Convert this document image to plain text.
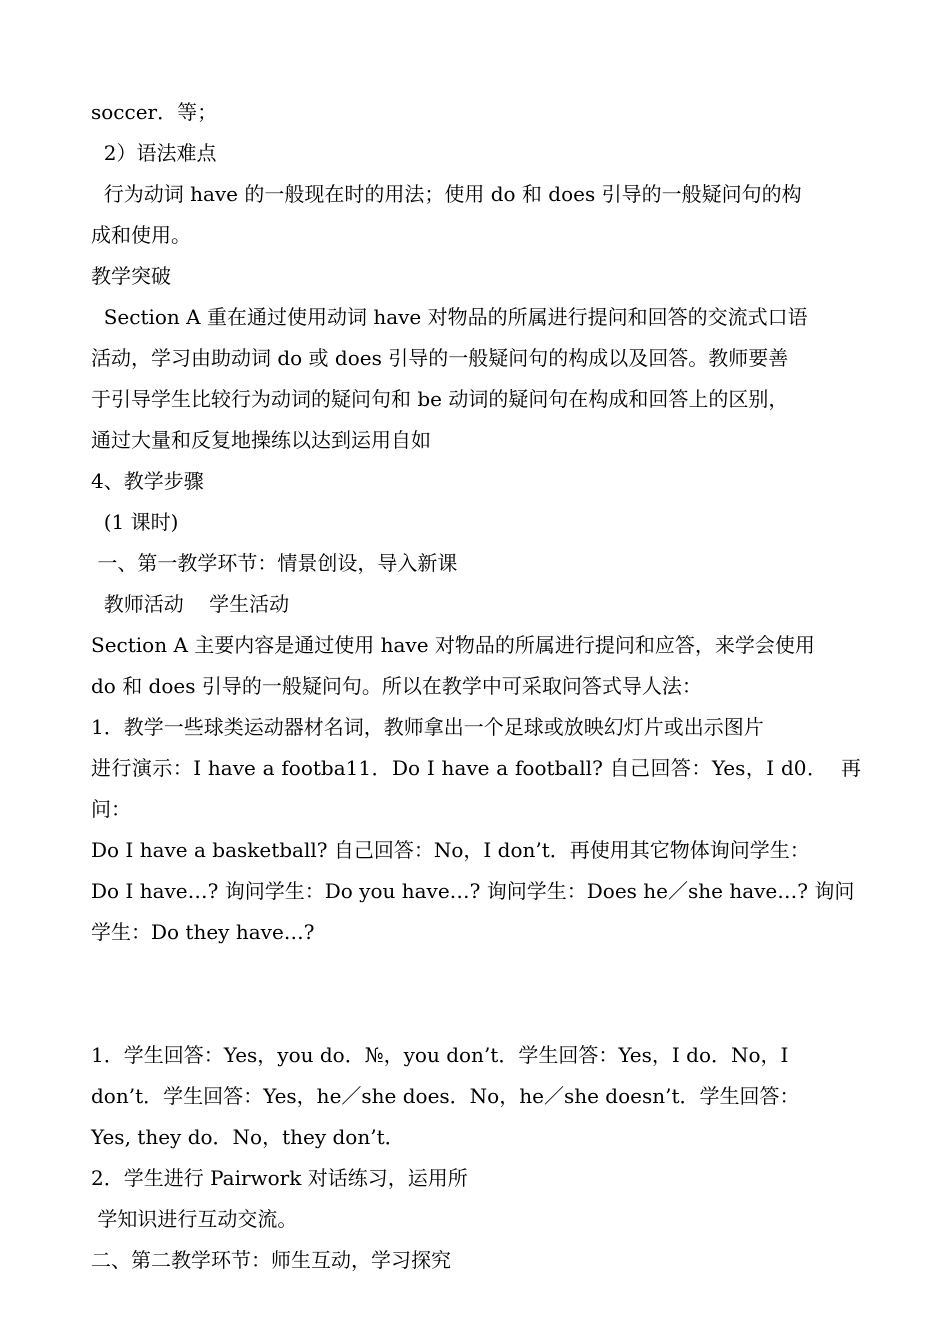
soccer．等；
2）语法难点
行为动词 have 的一般现在时的用法；使用 do 和 does 引导的一般疑问句的构
成和使用。
教学突破
Section A 重在通过使用动词 have 对物品的所属进行提问和回答的交流式口语
活动，学习由助动词 do 或 does 引导的一般疑问句的构成以及回答。教师要善
于引导学生比较行为动词的疑问句和 be 动词的疑问句在构成和回答上的区别，
通过大量和反复地操练以达到运用自如
4、教学步骤
(1 课时)
一、第一教学环节：情景创设，导入新课
教师活动    学生活动
Section A 主要内容是通过使用 have 对物品的所属进行提问和应答，来学会使用
do 和 does 引导的一般疑问句。所以在教学中可采取问答式导人法：
1．教学一些球类运动器材名词，教师拿出一个足球或放映幻灯片或出示图片
进行演示：I have a footba11．Do I have a football? 自己回答：Yes，I d0．  再问：
Do I have a basketball? 自己回答：No，I don’t．再使用其它物体询问学生：
Do I have…? 询问学生：Do you have…? 询问学生：Does he／she have…? 询问
学生：Do they have…?
1．学生回答：Yes，you do．№，you don’t．学生回答：Yes，I do．No，I
don’t．学生回答：Yes，he／she does．No，he／she doesn’t．学生回答：
Yes, they do．No，they don’t．
2．学生进行 Pairwork 对话练习，运用所
学知识进行互动交流。
二、第二教学环节：师生互动，学习探究
